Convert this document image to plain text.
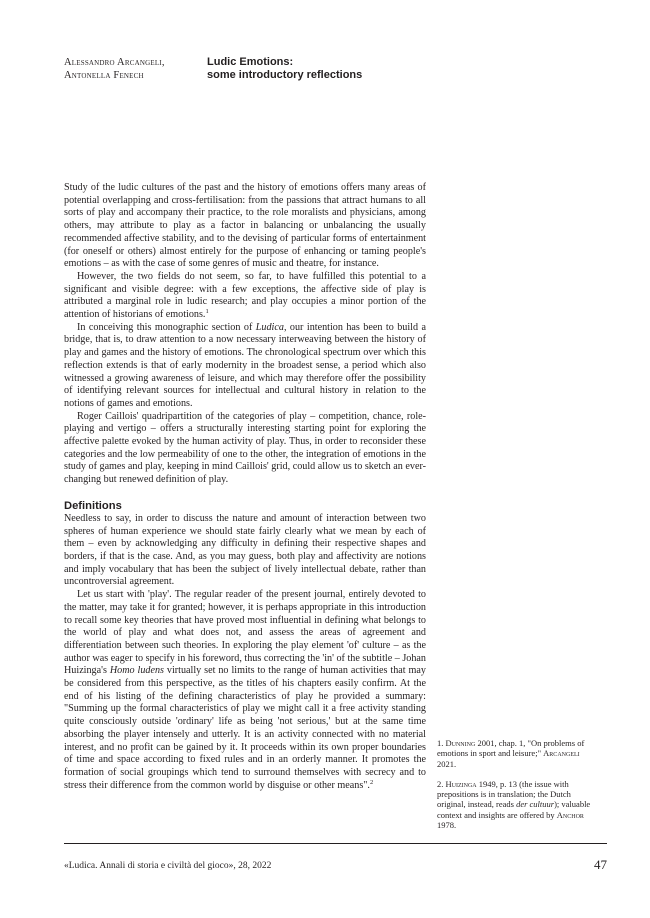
Alessandro Arcangeli,
Antonella Fenech
Ludic Emotions:
some introductory reflections

Study of the ludic cultures of the past and the history of emotions offers many areas of potential overlapping and cross-fertilisation: from the passions that attract humans to all sorts of play and accompany their practice, to the role moralists and physicians, among others, may attribute to play as a factor in balancing or unbalancing the usually recommended affective stability, and to the devising of particular forms of entertainment (for oneself or others) almost entirely for the purpose of enhancing or taming people's emotions – as with the case of some genres of music and theatre, for instance.

However, the two fields do not seem, so far, to have fulfilled this potential to a significant and visible degree: with a few exceptions, the affective side of play is attributed a marginal role in ludic research; and play occupies a minor portion of the attention of historians of emotions.$^1$

In conceiving this monographic section of Ludica, our intention has been to build a bridge, that is, to draw attention to a now necessary interweaving between the history of play and games and the history of emotions. The chronological spectrum over which this reflection extends is that of early modernity in the broadest sense, a period which also witnessed a growing awareness of leisure, and which may therefore offer the possibility of identifying relevant sources for intellectual and cultural history in relation to the notions of games and emotions.

Roger Caillois' quadripartition of the categories of play – competition, chance, role-playing and vertigo – offers a structurally interesting starting point for exploring the affective palette evoked by the human activity of play. Thus, in order to reconsider these categories and the low permeability of one to the other, the integration of emotions in the study of games and play, keeping in mind Caillois' grid, could allow us to sketch an ever-changing but renewed definition of play.

Definitions

Needless to say, in order to discuss the nature and amount of interaction between two spheres of human experience we should state fairly clearly what we mean by each of them – even by acknowledging any difficulty in defining their respective shapes and borders, if that is the case. And, as you may guess, both play and affectivity are notions and imply vocabulary that has been the subject of lively intellectual debate, rather than uncontroversial agreement.

Let us start with 'play'. The regular reader of the present journal, entirely devoted to the matter, may take it for granted; however, it is perhaps appropriate in this introduction to recall some key theories that have proved most influential in defining what belongs to the world of play and what does not, and assess the areas of agreement and differentiation between such theories. In exploring the play element 'of' culture – as the author was eager to specify in his foreword, thus correcting the 'in' of the subtitle – Johan Huizinga's Homo ludens virtually set no limits to the range of human activities that may be considered from this perspective, as the titles of his chapters easily confirm. At the end of his listing of the defining characteristics of play he provided a summary: "Summing up the formal characteristics of play we might call it a free activity standing quite consciously outside 'ordinary' life as being 'not serious,' but at the same time absorbing the player intensely and utterly. It is an activity connected with no material interest, and no profit can be gained by it. It proceeds within its own proper boundaries of time and space according to fixed rules and in an orderly manner. It promotes the formation of social groupings which tend to surround themselves with secrecy and to stress their difference from the common world by disguise or other means".$^2$

1. Dunning 2001, chap. 1, "On problems of emotions in sport and leisure;" Arcangeli 2021.

2. Huizinga 1949, p. 13 (the issue with prepositions is in translation; the Dutch original, instead, reads der cultuur); valuable context and insights are offered by Anchor 1978.

«Ludica. Annali di storia e civiltà del gioco», 28, 2022	47
